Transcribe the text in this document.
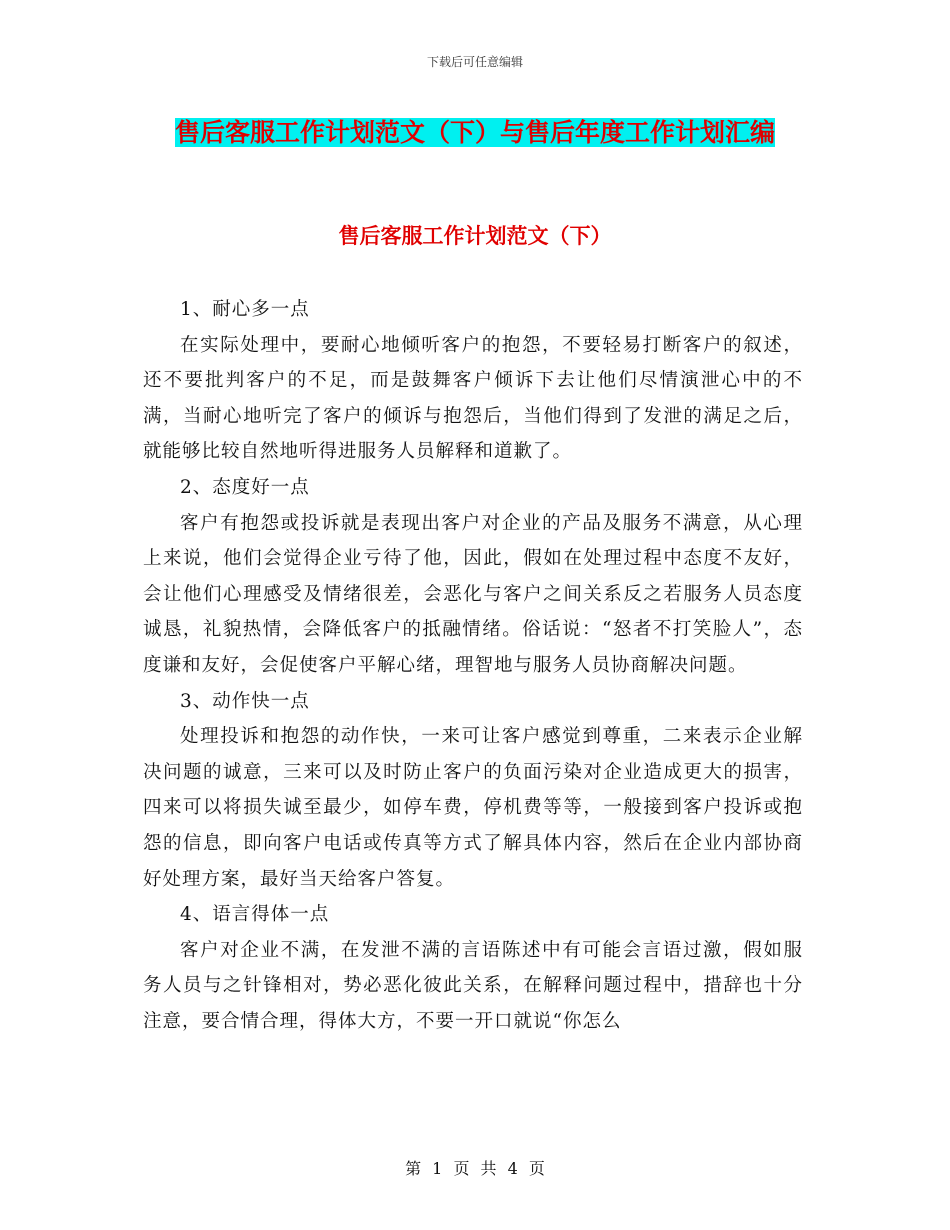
下载后可任意编辑
售后客服工作计划范文（下）与售后年度工作计划汇编
售后客服工作计划范文（下）

1、耐心多一点

在实际处理中，要耐心地倾听客户的抱怨，不要轻易打断客户的叙述，还不要批判客户的不足，而是鼓舞客户倾诉下去让他们尽情演泄心中的不满，当耐心地听完了客户的倾诉与抱怨后，当他们得到了发泄的满足之后，就能够比较自然地听得进服务人员解释和道歉了。

2、态度好一点

客户有抱怨或投诉就是表现出客户对企业的产品及服务不满意，从心理上来说，他们会觉得企业亏待了他，因此，假如在处理过程中态度不友好，会让他们心理感受及情绪很差，会恶化与客户之间关系反之若服务人员态度诚恳，礼貌热情，会降低客户的抵融情绪。俗话说：“怒者不打笑脸人”，态度谦和友好，会促使客户平解心绪，理智地与服务人员协商解决问题。

3、动作快一点

处理投诉和抱怨的动作快，一来可让客户感觉到尊重，二来表示企业解决问题的诚意，三来可以及时防止客户的负面污染对企业造成更大的损害，四来可以将损失诚至最少，如停车费，停机费等等，一般接到客户投诉或抱怨的信息，即向客户电话或传真等方式了解具体内容，然后在企业内部协商好处理方案，最好当天给客户答复。

4、语言得体一点

客户对企业不满，在发泄不满的言语陈述中有可能会言语过激，假如服务人员与之针锋相对，势必恶化彼此关系，在解释问题过程中，措辞也十分注意，要合情合理，得体大方，不要一开口就说“你怎么

第 1 页 共 4 页
